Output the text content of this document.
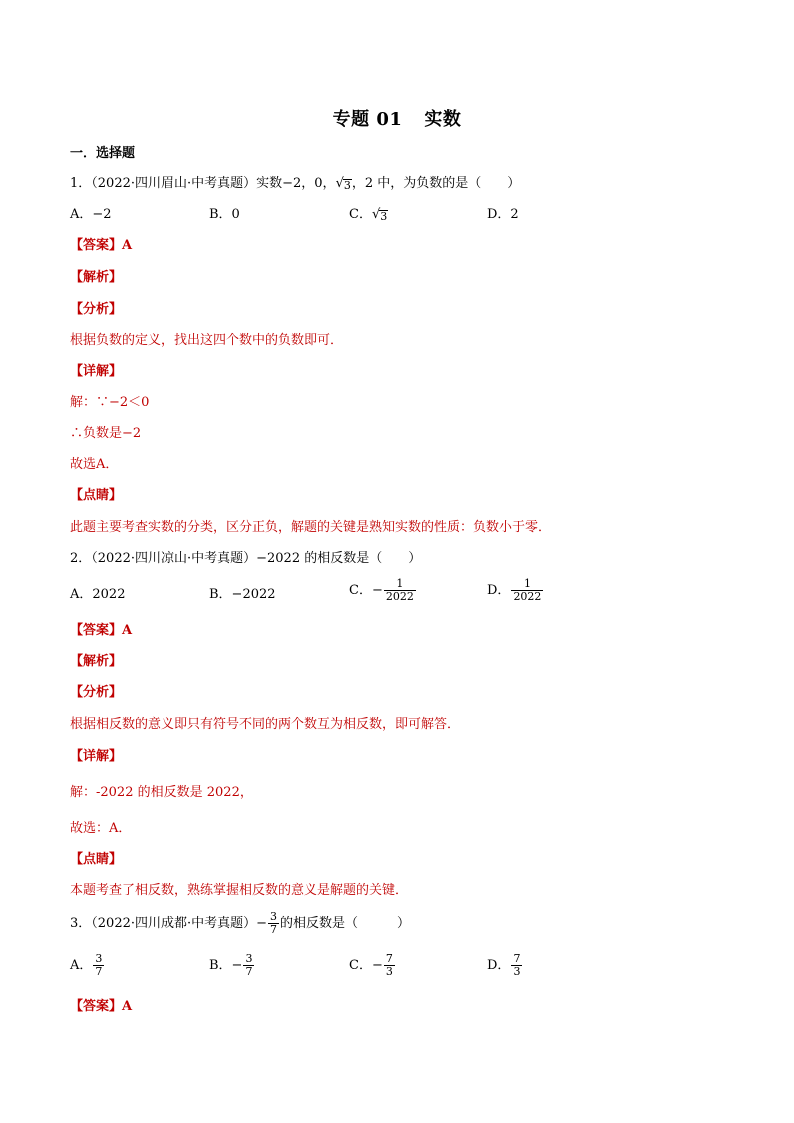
专题 01 实数
一．选择题
1．（2022·四川眉山·中考真题）实数−2，0， √ 3 ，2 中，为负数的是（　　）
A．−2	B．0	C． √ 3	D．2
【答案】A
【解析】
【分析】
根据负数的定义，找出这四个数中的负数即可．
【详解】
解：∵−2＜0
∴负数是−2
故选A．
【点睛】
此题主要考查实数的分类，区分正负，解题的关键是熟知实数的性质：负数小于零．
2．（2022·四川凉山·中考真题）−2022 的相反数是（　　）
A．2022	B．−2022	C．− $\frac{1}{2022}$	D． $\frac{1}{2022}$
【答案】A
【解析】
【分析】
根据相反数的意义即只有符号不同的两个数互为相反数，即可解答．
【详解】
解：-2022 的相反数是 2022，
故选：A．
【点睛】
本题考查了相反数，熟练掌握相反数的意义是解题的关键．
3．（2022·四川成都·中考真题）− $\frac{3}{7}$ 的相反数是（　　　）
A． $\frac{3}{7}$	B．− $\frac{3}{7}$	C．− $\frac{7}{3}$	D． $\frac{7}{3}$
【答案】A
